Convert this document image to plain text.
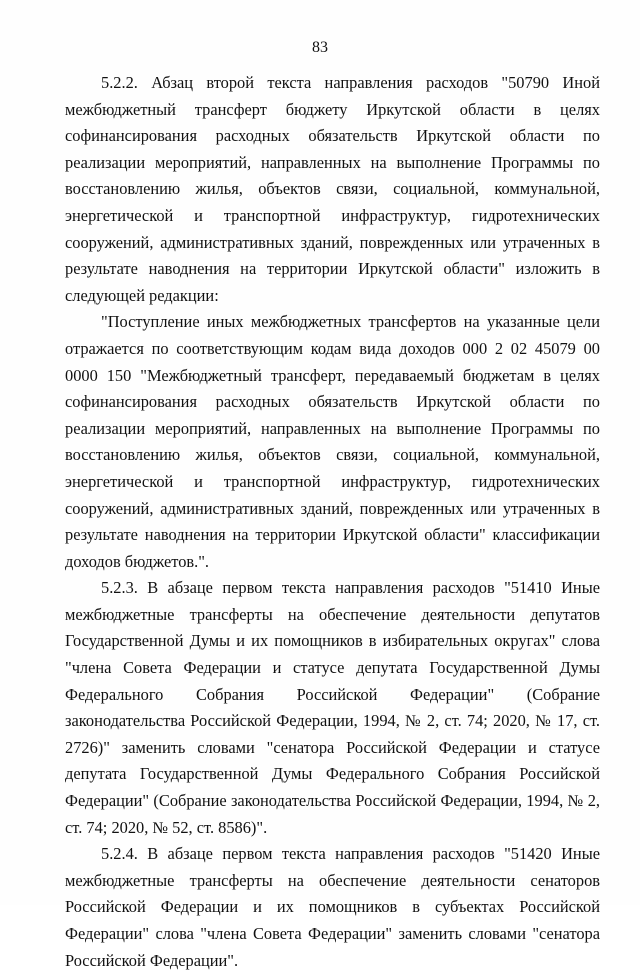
83

5.2.2. Абзац второй текста направления расходов "50790 Иной межбюджетный трансферт бюджету Иркутской области в целях софинансирования расходных обязательств Иркутской области по реализации мероприятий, направленных на выполнение Программы по восстановлению жилья, объектов связи, социальной, коммунальной, энергетической и транспортной инфраструктур, гидротехнических сооружений, административных зданий, поврежденных или утраченных в результате наводнения на территории Иркутской области" изложить в следующей редакции:

"Поступление иных межбюджетных трансфертов на указанные цели отражается по соответствующим кодам вида доходов 000 2 02 45079 00 0000 150 "Межбюджетный трансферт, передаваемый бюджетам в целях софинансирования расходных обязательств Иркутской области по реализации мероприятий, направленных на выполнение Программы по восстановлению жилья, объектов связи, социальной, коммунальной, энергетической и транспортной инфраструктур, гидротехнических сооружений, административных зданий, поврежденных или утраченных в результате наводнения на территории Иркутской области" классификации доходов бюджетов.".

5.2.3. В абзаце первом текста направления расходов "51410 Иные межбюджетные трансферты на обеспечение деятельности депутатов Государственной Думы и их помощников в избирательных округах" слова "члена Совета Федерации и статусе депутата Государственной Думы Федерального Собрания Российской Федерации" (Собрание законодательства Российской Федерации, 1994, № 2, ст. 74; 2020, № 17, ст. 2726)" заменить словами "сенатора Российской Федерации и статусе депутата Государственной Думы Федерального Собрания Российской Федерации" (Собрание законодательства Российской Федерации, 1994, № 2, ст. 74; 2020, № 52, ст. 8586)".

5.2.4. В абзаце первом текста направления расходов "51420 Иные межбюджетные трансферты на обеспечение деятельности сенаторов Российской Федерации и их помощников в субъектах Российской Федерации" слова "члена Совета Федерации" заменить словами "сенатора Российской Федерации".
